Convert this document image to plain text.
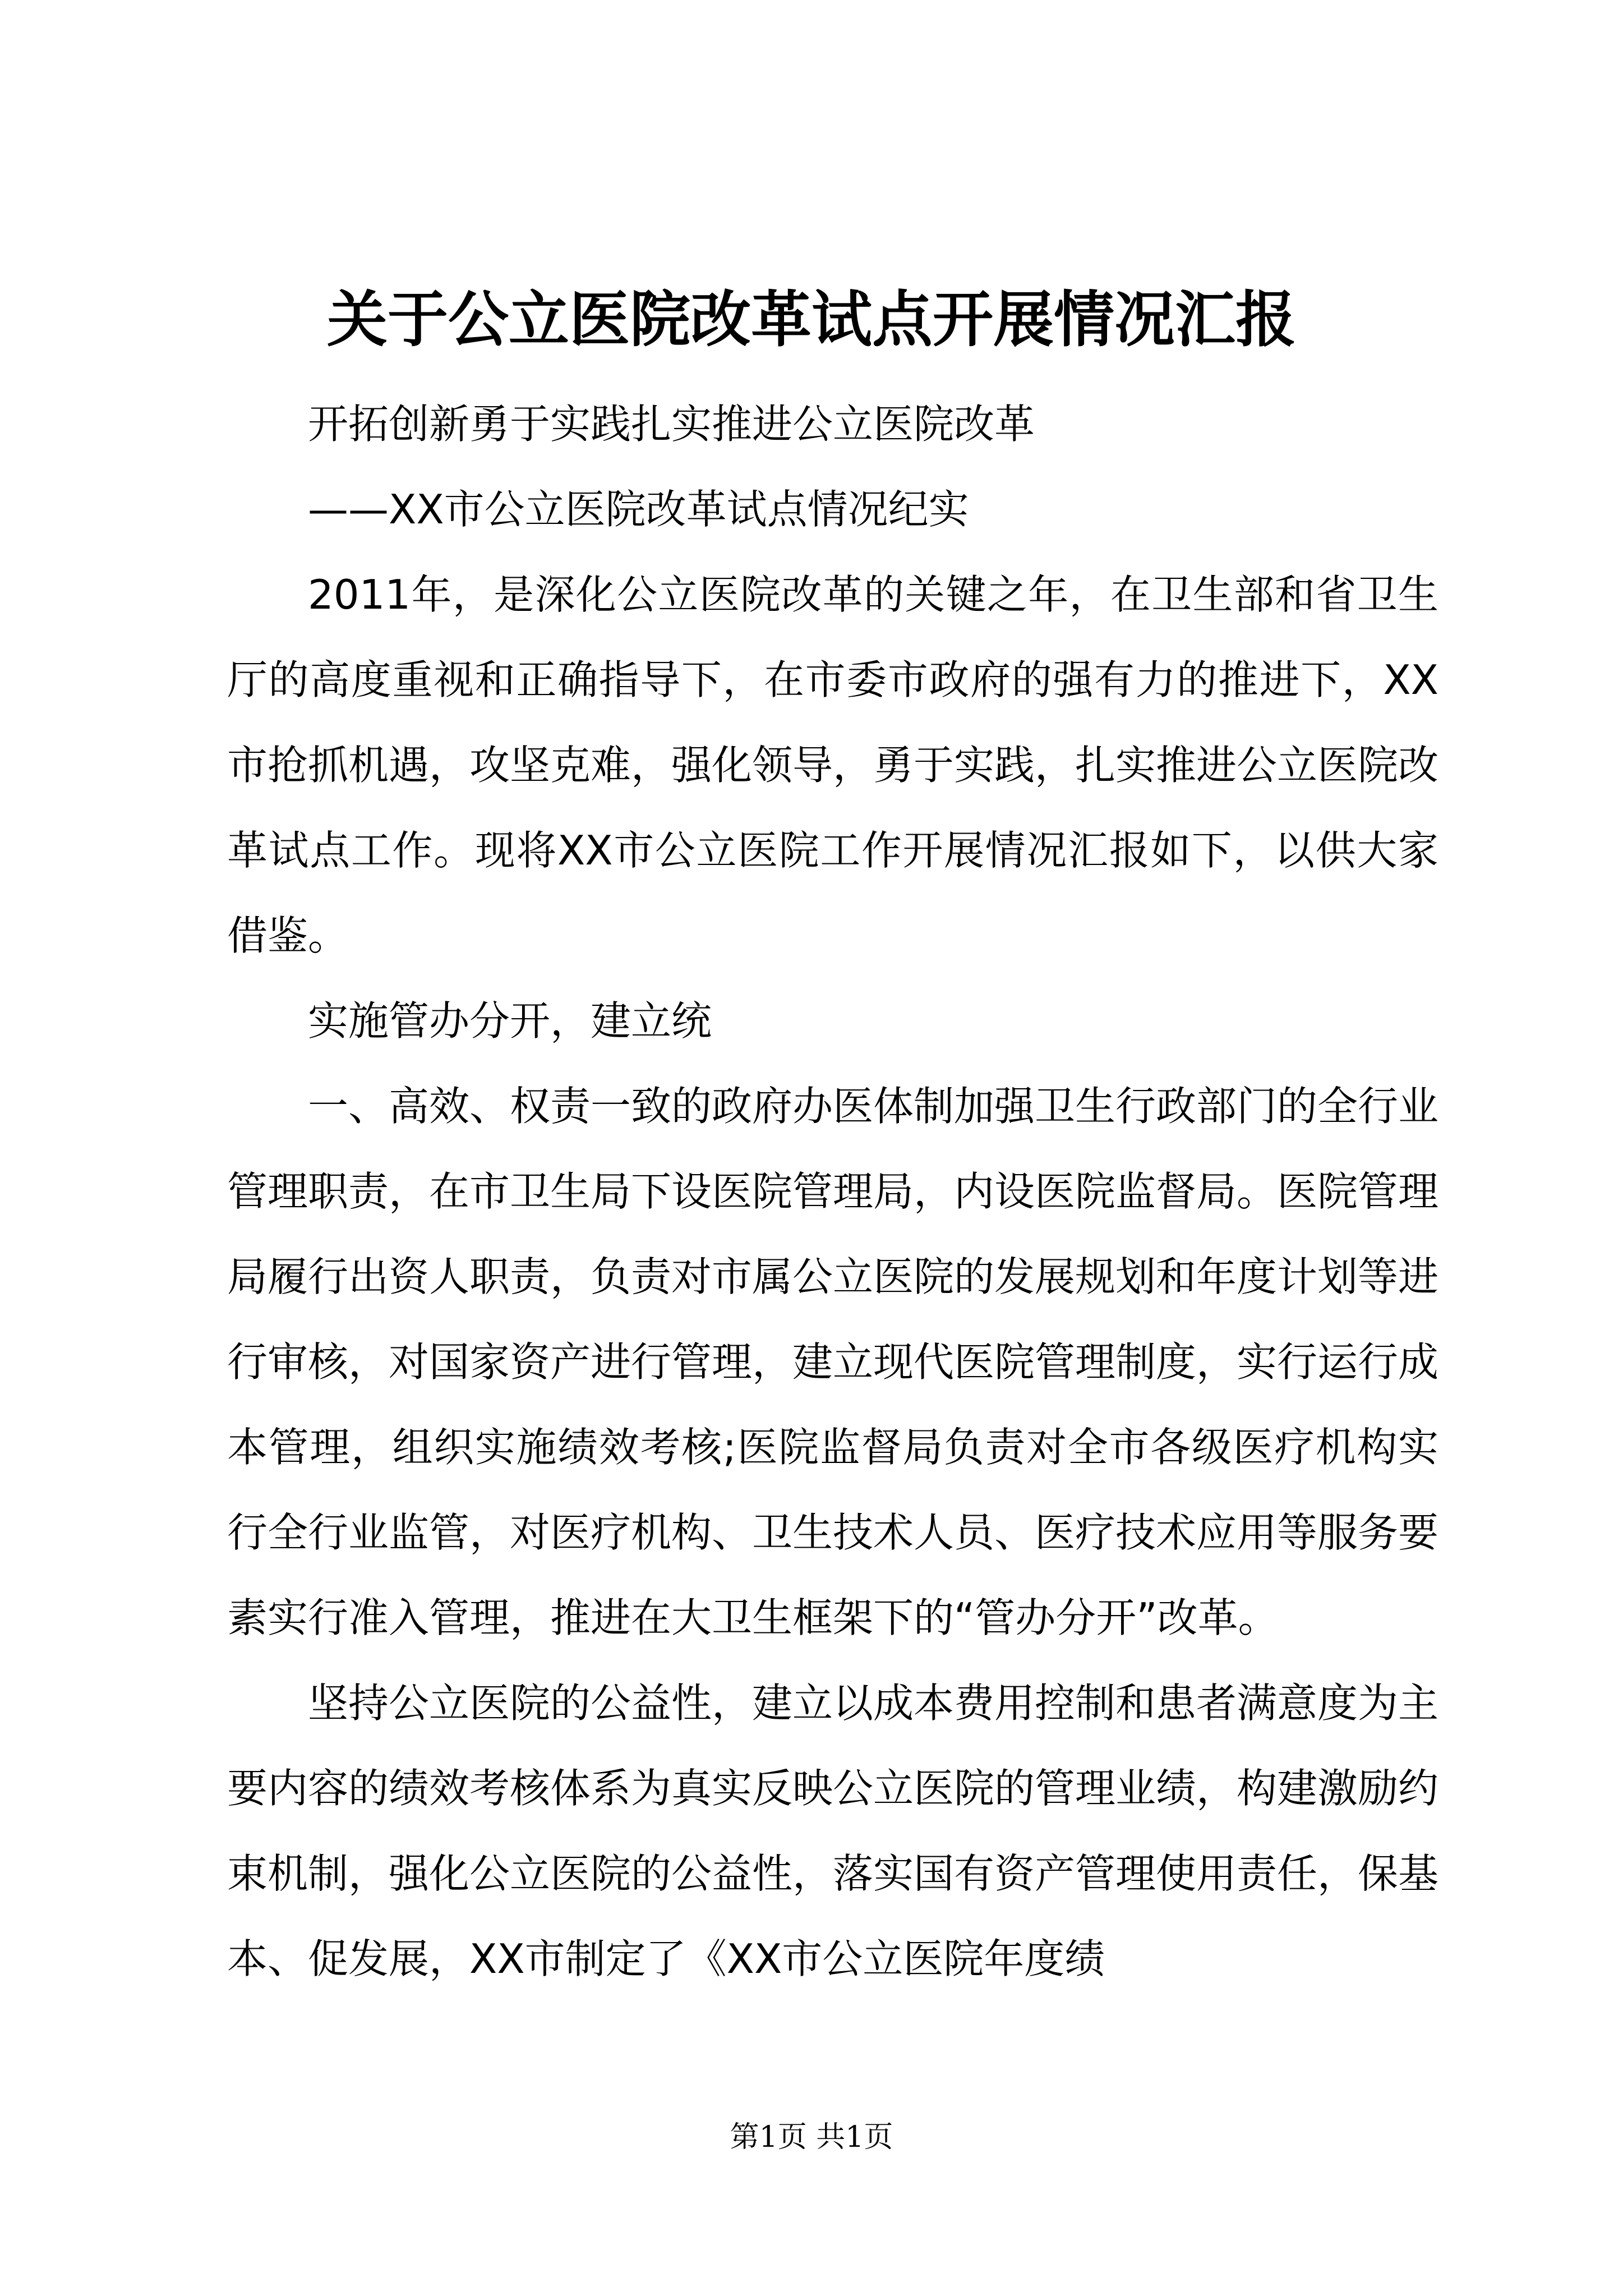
关于公立医院改革试点开展情况汇报

开拓创新勇于实践扎实推进公立医院改革

——XX市公立医院改革试点情况纪实

2011年，是深化公立医院改革的关键之年，在卫生部和省卫生厅的高度重视和正确指导下，在市委市政府的强有力的推进下，XX市抢抓机遇，攻坚克难，强化领导，勇于实践，扎实推进公立医院改革试点工作。现将XX市公立医院工作开展情况汇报如下，以供大家借鉴。

实施管办分开，建立统

一、高效、权责一致的政府办医体制加强卫生行政部门的全行业管理职责，在市卫生局下设医院管理局，内设医院监督局。医院管理局履行出资人职责，负责对市属公立医院的发展规划和年度计划等进行审核，对国家资产进行管理，建立现代医院管理制度，实行运行成本管理，组织实施绩效考核;医院监督局负责对全市各级医疗机构实行全行业监管，对医疗机构、卫生技术人员、医疗技术应用等服务要素实行准入管理，推进在大卫生框架下的“管办分开”改革。

坚持公立医院的公益性，建立以成本费用控制和患者满意度为主要内容的绩效考核体系为真实反映公立医院的管理业绩，构建激励约束机制，强化公立医院的公益性，落实国有资产管理使用责任，保基本、促发展，XX市制定了《XX市公立医院年度绩

第1页 共1页
